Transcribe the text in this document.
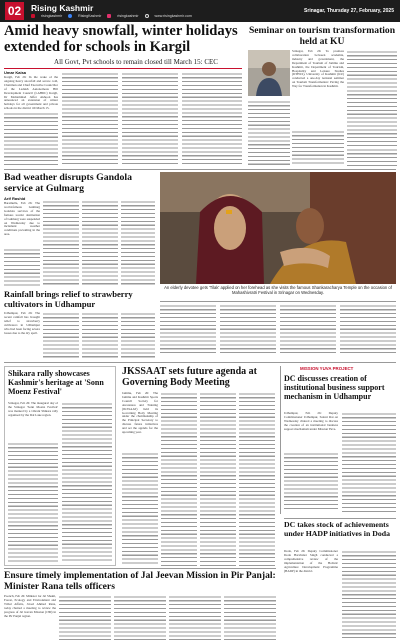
02	Rising Kashmir
risingkashmir	RisingKashmir	risingkashmir	www.risingkashmir.com
Srinagar, Thursday 27, February, 2025
Amid heavy snowfall, winter holidays extended for schools in Kargil
All Govt, Pvt schools to remain closed till March 15: CEC
Umar Kaisa
Kargil, Feb 26: In the wake of the ongoing heavy snowfall and severe cold, Chairman and Chief Executive Councillor of the Ladakh Autonomous Hill Development Council (LAHDC) Kargil, Dr Mohammad Jaffer Akhoon has announced an extension of winter holidays for all government and private schools in the district till March 15.
Seminar on tourism transformation held at KU
Srinagar, Feb 26: To promote collaboration between academia, industry and government, the Department of Tourism of Jammu and Kashmir, the Department of Tourism, Hospitality and Leisure Studies (DTHLS), University of Kashmir (KU) conducted a one-day national seminar on Tourism Transformation: Paving the Way for Transformation in Kashmir.
Bad weather disrupts Gandola service at Gulmarg
Arif Rashid
Baramulla, Feb 26: The world-famous Gulmarg Gandola services of the famous tourist destination of Gulmarg were suspended on Wednesday due to inclement weather conditions prevailing in the area.
An elderly devotee gets 'Tilak' applied on her forehead as she visits the famous Shankaracharya Temple on the occasion of Mahashivratri Festival in Srinagar on Wednesday.
Rainfall brings relief to strawberry cultivators in Udhampur
Udhampur, Feb 26: The recent rainfall has brought relief to strawberry cultivators in Udhampur who had been facing severe losses due to the dry spell.
Shikara rally showcases Kashmir's heritage at 'Sonn Moenz Festival'
Srinagar, Feb 26: The inaugural day of the Srinagar 'Sonn Moenz Festival' was marked by a vibrant Shikara rally organised by the Dal Lake region.
JKSSAAT sets future agenda at Governing Body Meeting
Jammu, Feb 26: The Jammu and Kashmir Sports Council Society for Awareness and Training (JKSSAAT) held its Governing Body Meeting under the chairmanship of the Principal Secretary to discuss future initiatives and set the agenda for the upcoming year.
MISSION YUVA PROJECT
DC discusses creation of institutional business support mechanism in Udhampur
Udhampur, Feb 26: Deputy Commissioner Udhampur, Saloni Rai on Wednesday chaired a meeting to discuss the creation of an institutional business support mechanism under Mission Yuva.
DC takes stock of achievements under HADP initiatives in Doda
Doda, Feb 26: Deputy Commissioner Doda Harvinder Singh conducted a comprehensive review of the implementation of the Holistic Agriculture Development Programme (HADP) in the district.
Ensure timely implementation of Jal Jeevan Mission in Pir Panjal: Minister Rana tells officers
Poonch, Feb 26: Minister for Jal Shakti, Forest, Ecology and Environment and Tribal Affairs, Javed Ahmed Rana, today chaired a meeting to review the progress of Jal Jeevan Mission (JJM) in the Pir Panjal region.
